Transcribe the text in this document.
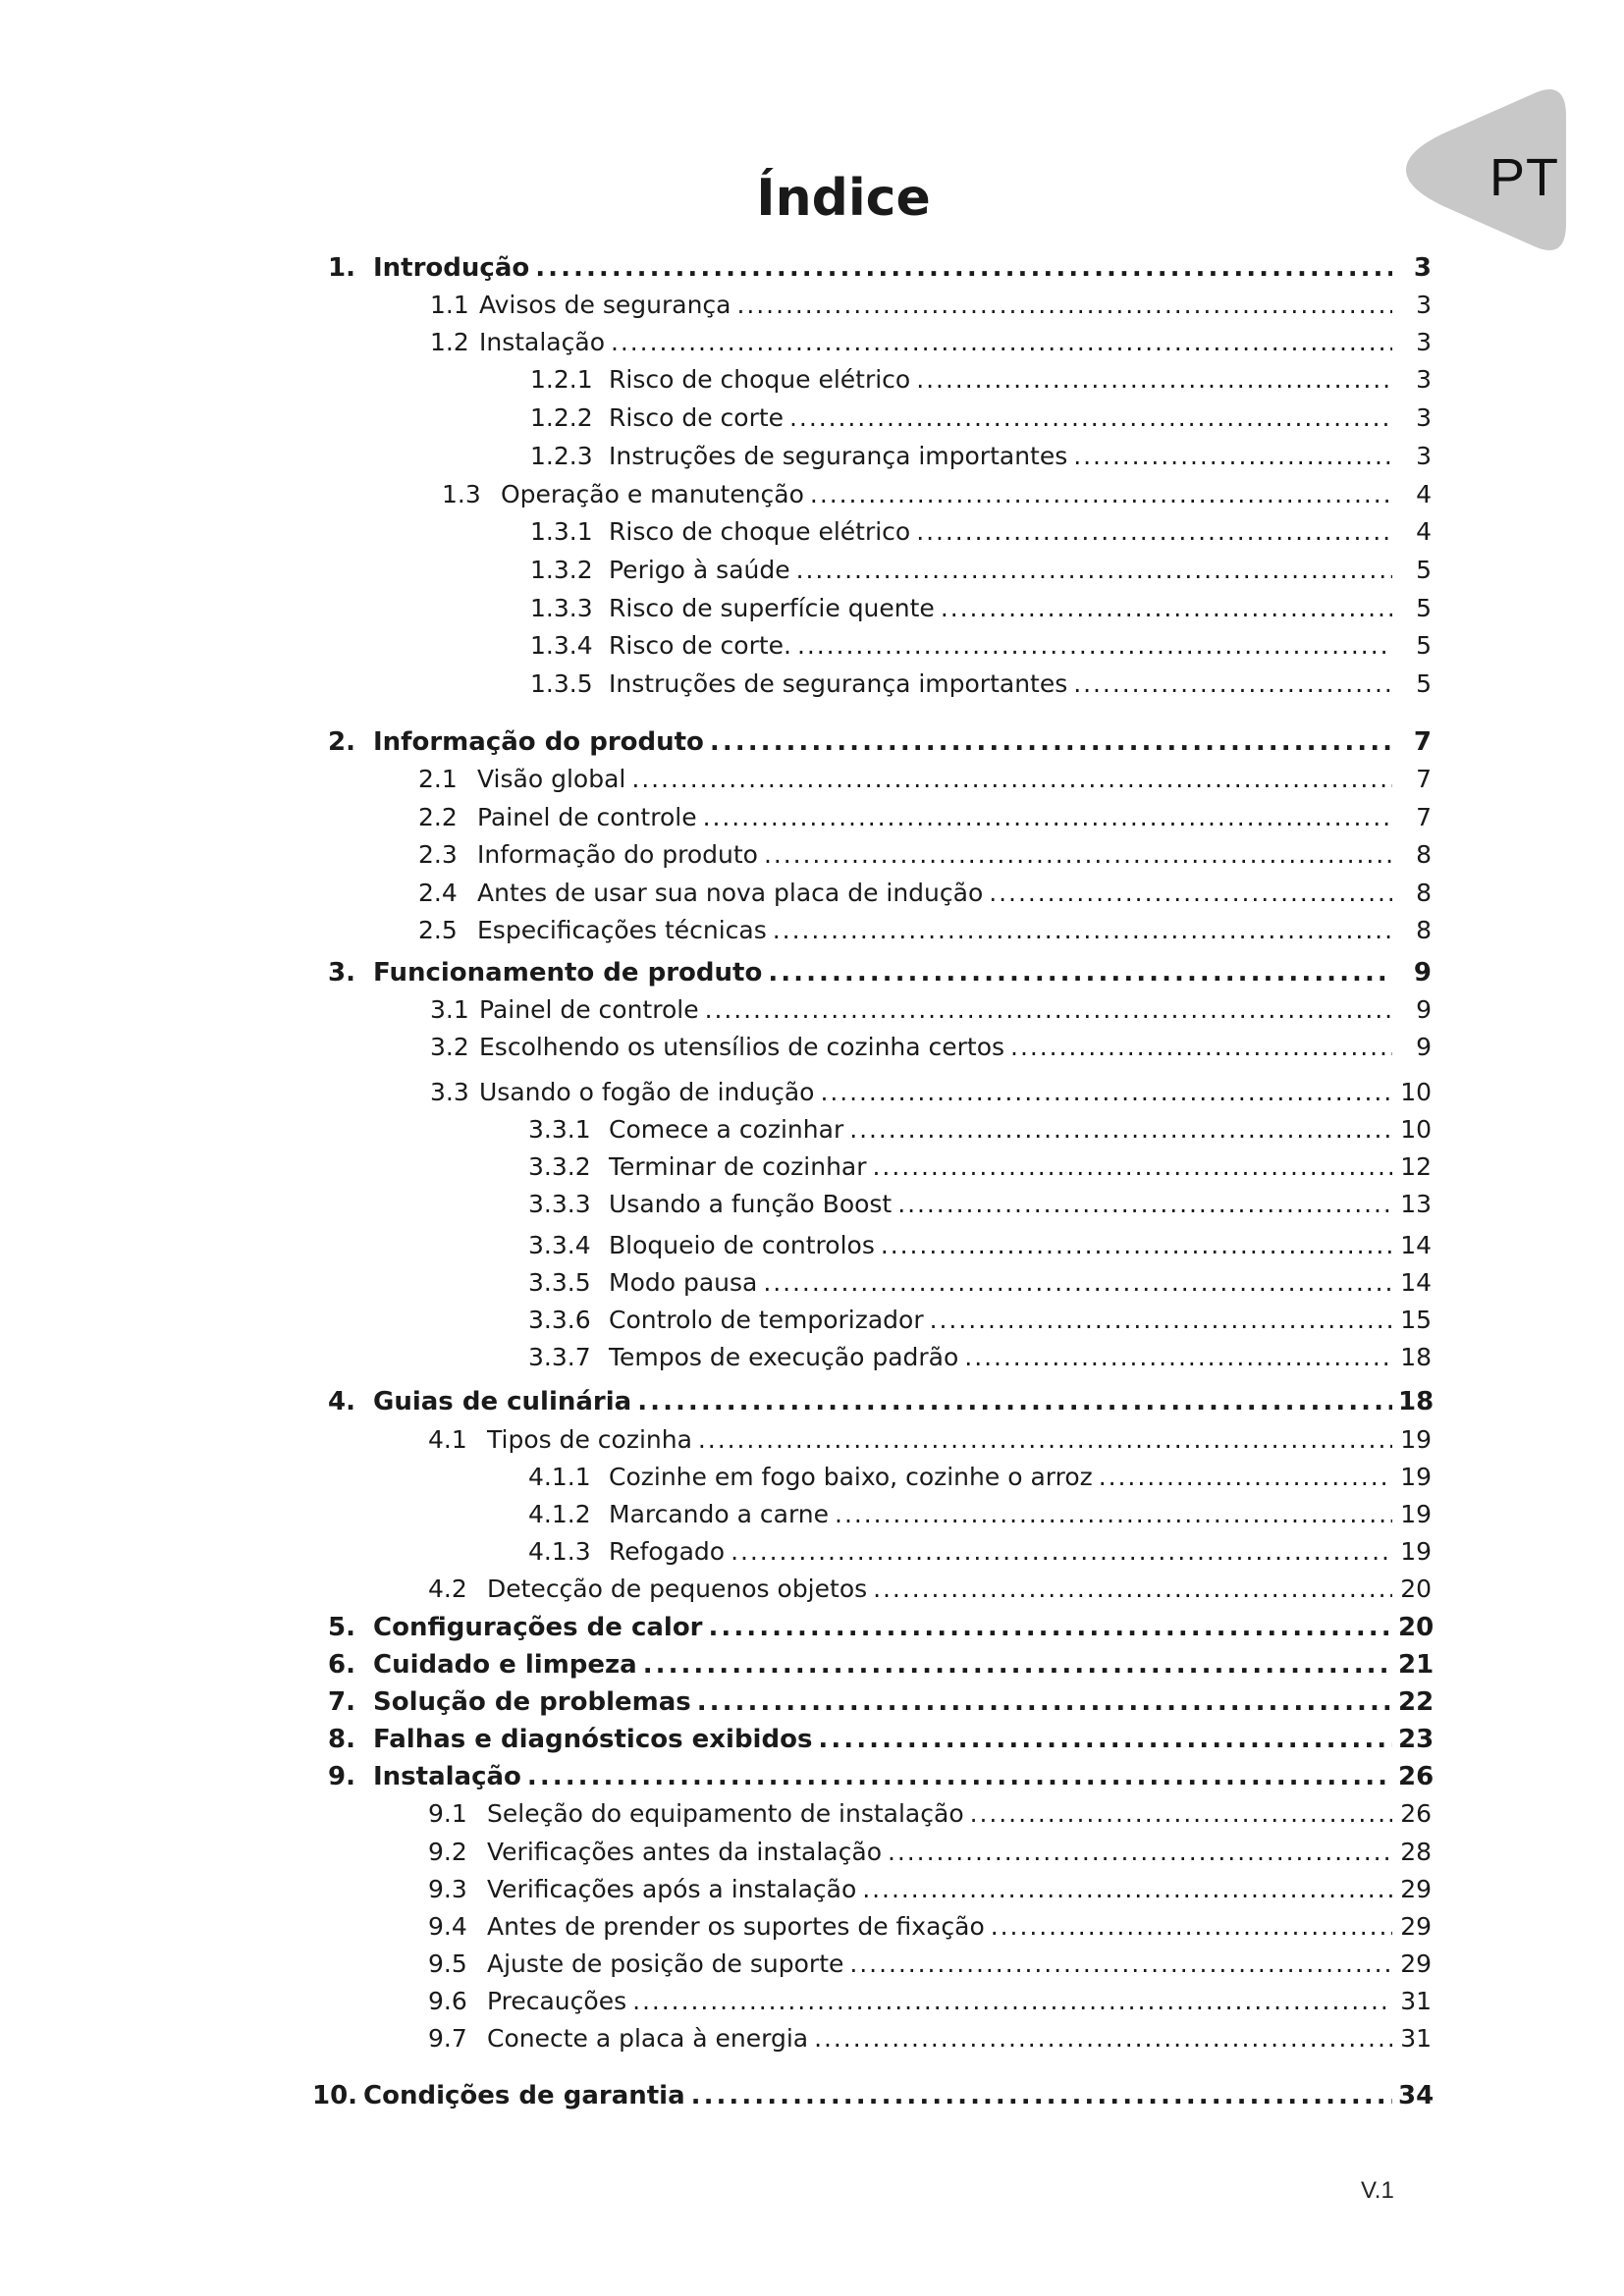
PT
Índice
1. Introdução . . .	3
1.1 Avisos de segurança . . .	3
1.2 Instalação . . .	3
1.2.1 Risco de choque elétrico . . .	3
1.2.2 Risco de corte . . .	3
1.2.3 Instruções de segurança importantes . . .	3
1.3 Operação e manutenção . . .	4
1.3.1 Risco de choque elétrico . . .	4
1.3.2 Perigo à saúde . . .	5
1.3.3 Risco de superfície quente . . .	5
1.3.4 Risco de corte. . . .	5
1.3.5 Instruções de segurança importantes . . .	5
2. Informação do produto . . .	7
2.1 Visão global . . .	7
2.2 Painel de controle . . .	7
2.3 Informação do produto . . .	8
2.4 Antes de usar sua nova placa de indução . . .	8
2.5 Especificações técnicas . . .	8
3. Funcionamento de produto . . .	9
3.1 Painel de controle . . .	9
3.2 Escolhendo os utensílios de cozinha certos . . .	9
3.3 Usando o fogão de indução . . .	10
3.3.1 Comece a cozinhar . . .	10
3.3.2 Terminar de cozinhar . . .	12
3.3.3 Usando a função Boost . . .	13
3.3.4 Bloqueio de controlos . . .	14
3.3.5 Modo pausa . . .	14
3.3.6 Controlo de temporizador . . .	15
3.3.7 Tempos de execução padrão . . .	18
4. Guias de culinária . . .	18
4.1 Tipos de cozinha . . .	19
4.1.1 Cozinhe em fogo baixo, cozinhe o arroz . . .	19
4.1.2 Marcando a carne . . .	19
4.1.3 Refogado . . .	19
4.2 Detecção de pequenos objetos . . .	20
5. Configurações de calor . . .	20
6. Cuidado e limpeza . . .	21
7. Solução de problemas . . .	22
8. Falhas e diagnósticos exibidos . . .	23
9. Instalação . . .	26
9.1 Seleção do equipamento de instalação . . .	26
9.2 Verificações antes da instalação . . .	28
9.3 Verificações após a instalação . . .	29
9.4 Antes de prender os suportes de fixação . . .	29
9.5 Ajuste de posição de suporte . . .	29
9.6 Precauções . . .	31
9.7 Conecte a placa à energia . . .	31
10. Condições de garantia . . .	34
V.1
